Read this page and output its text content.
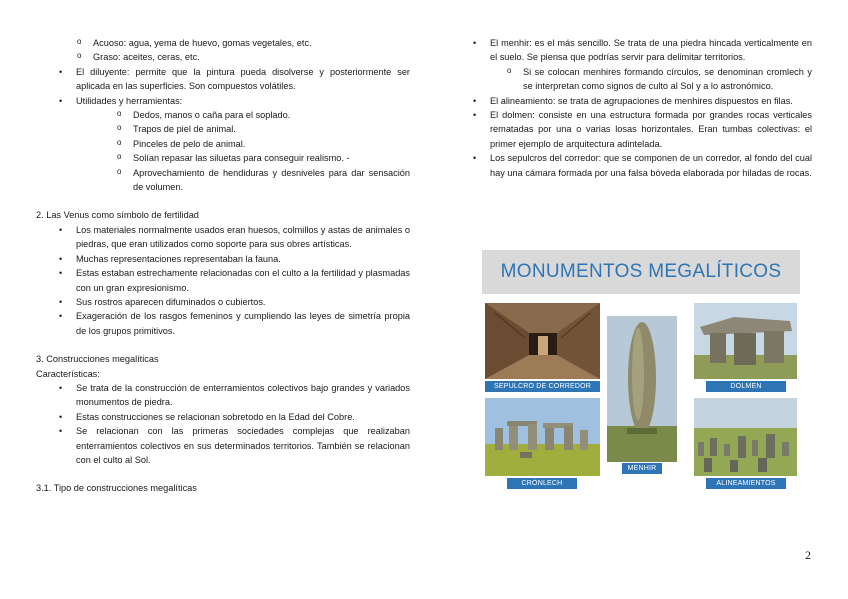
o Acuoso: agua, yema de huevo, gomas vegetales, etc.
o Graso: aceites, ceras, etc.
• El diluyente: permite que la pintura pueda disolverse y posteriormente ser aplicada en las superficies. Son compuestos volátiles.
• Utilidades y herramientas:
o Dedos, manos o caña para el soplado.
o Trapos de piel de animal.
o Pinceles de pelo de animal.
o Solían repasar las siluetas para conseguir realismo. -
o Aprovechamiento de hendiduras y desniveles para dar sensación de volumen.

2. Las Venus como símbolo de fertilidad

• Los materiales normalmente usados eran huesos, colmillos y astas de animales o piedras, que eran utilizados como soporte para sus obres artísticas.
• Muchas representaciones representaban la fauna.
• Estas estaban estrechamente relacionadas con el culto a la fertilidad y plasmadas con un gran expresionismo.
• Sus rostros aparecen difuminados o cubiertos.
• Exageración de los rasgos femeninos y cumpliendo las leyes de simetría propia de los grupos primitivos.

3. Construcciones megalíticas

Características:

• Se trata de la construcción de enterramientos colectivos bajo grandes y variados monumentos de piedra.
• Estas construcciones se relacionan sobretodo en la Edad del Cobre.
• Se relacionan con las primeras sociedades complejas que realizaban enterramientos colectivos en sus determinados territorios. También se relacionan con el culto al Sol.

3.1. Tipo de construcciones megalíticas

• El menhir: es el más sencillo. Se trata de una piedra hincada verticalmente en el suelo. Se piensa que podrías servir para delimitar territorios.
o Si se colocan menhires formando círculos, se denominan cromlech y se interpretan como signos de culto al Sol y a lo astronómico.
• El alineamiento: se trata de agrupaciones de menhires dispuestos en filas.
• El dolmen: consiste en una estructura formada por grandes rocas verticales rematadas por una o varias losas horizontales. Eran tumbas colectivas: el primer ejemplo de arquitectura adintelada.
• Los sepulcros del corredor: que se componen de un corredor, al fondo del cual hay una cámara formada por una falsa bóveda elaborada por hiladas de rocas.
MONUMENTOS MEGALÍTICOS
SEPULCRO DE CORREDOR
MENHIR
DOLMEN
CRÓNLECH	ALINEAMIENTOS
2
